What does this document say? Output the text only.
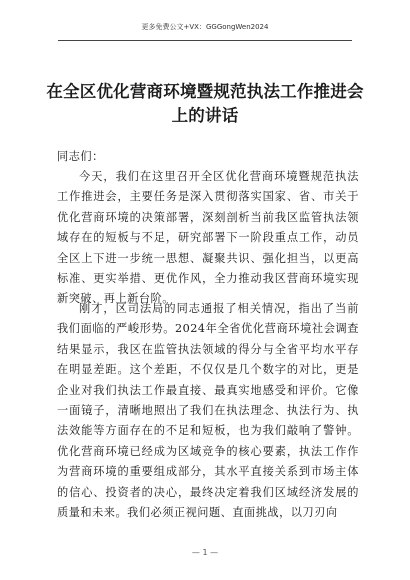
更多免费公文+VX：GGGongWen2024
在全区优化营商环境暨规范执法工作推进会上的讲话
同志们：
今天，我们在这里召开全区优化营商环境暨规范执法工作推进会，主要任务是深入贯彻落实国家、省、市关于优化营商环境的决策部署，深刻剖析当前我区监管执法领域存在的短板与不足，研究部署下一阶段重点工作，动员全区上下进一步统一思想、凝聚共识、强化担当，以更高标准、更实举措、更优作风，全力推动我区营商环境实现新突破、再上新台阶。
刚才，区司法局的同志通报了相关情况，指出了当前我们面临的严峻形势。2024年全省优化营商环境社会调查结果显示，我区在监管执法领域的得分与全省平均水平存在明显差距。这个差距，不仅仅是几个数字的对比，更是企业对我们执法工作最直接、最真实地感受和评价。它像一面镜子，清晰地照出了我们在执法理念、执法行为、执法效能等方面存在的不足和短板，也为我们敲响了警钟。优化营商环境已经成为区域竞争的核心要素，执法工作作为营商环境的重要组成部分，其水平直接关系到市场主体的信心、投资者的决心，最终决定着我们区域经济发展的质量和未来。我们必须正视问题、直面挑战，以刀刃向
— 1 —
